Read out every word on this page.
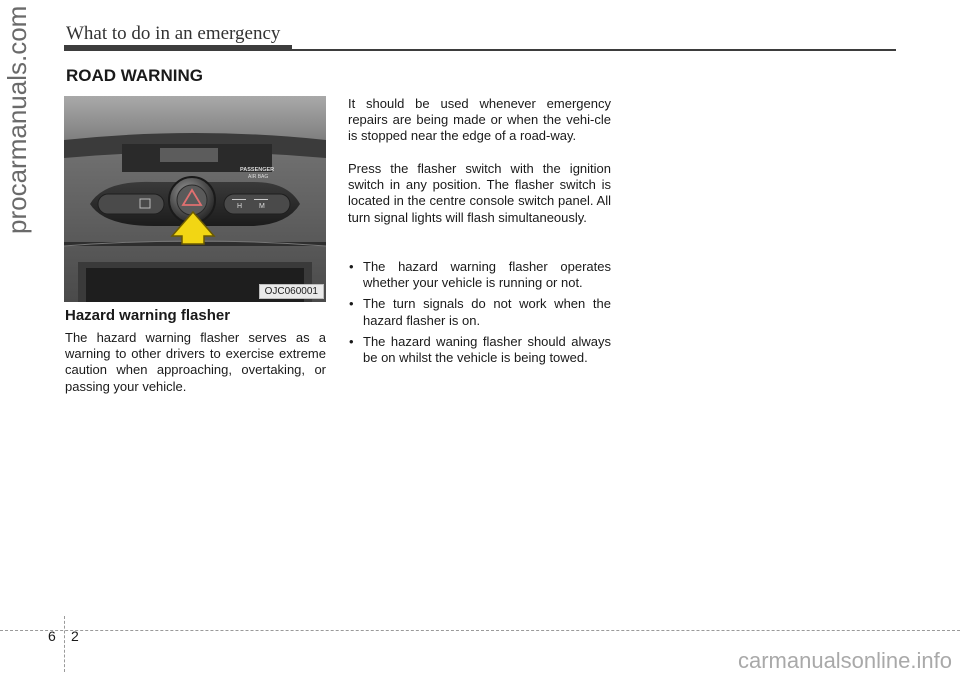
What to do in an emergency
ROAD WARNING
H M
PASSENGER
AIR BAG
OJC060001
Hazard warning flasher

The hazard warning flasher serves as a warning to other drivers to exercise extreme caution when approaching, overtaking, or passing your vehicle.

It should be used whenever emergency repairs are being made or when the vehi-cle is stopped near the edge of a road-way.

Press the flasher switch with the ignition switch in any position. The flasher switch is located in the centre console switch panel. All turn signal lights will flash simultaneously.

• The hazard warning flasher operates whether your vehicle is running or not.
• The turn signals do not work when the hazard flasher is on.
• The hazard waning flasher should always be on whilst the vehicle is being towed.
procarmanuals.com
carmanualsonline.info
6 2
